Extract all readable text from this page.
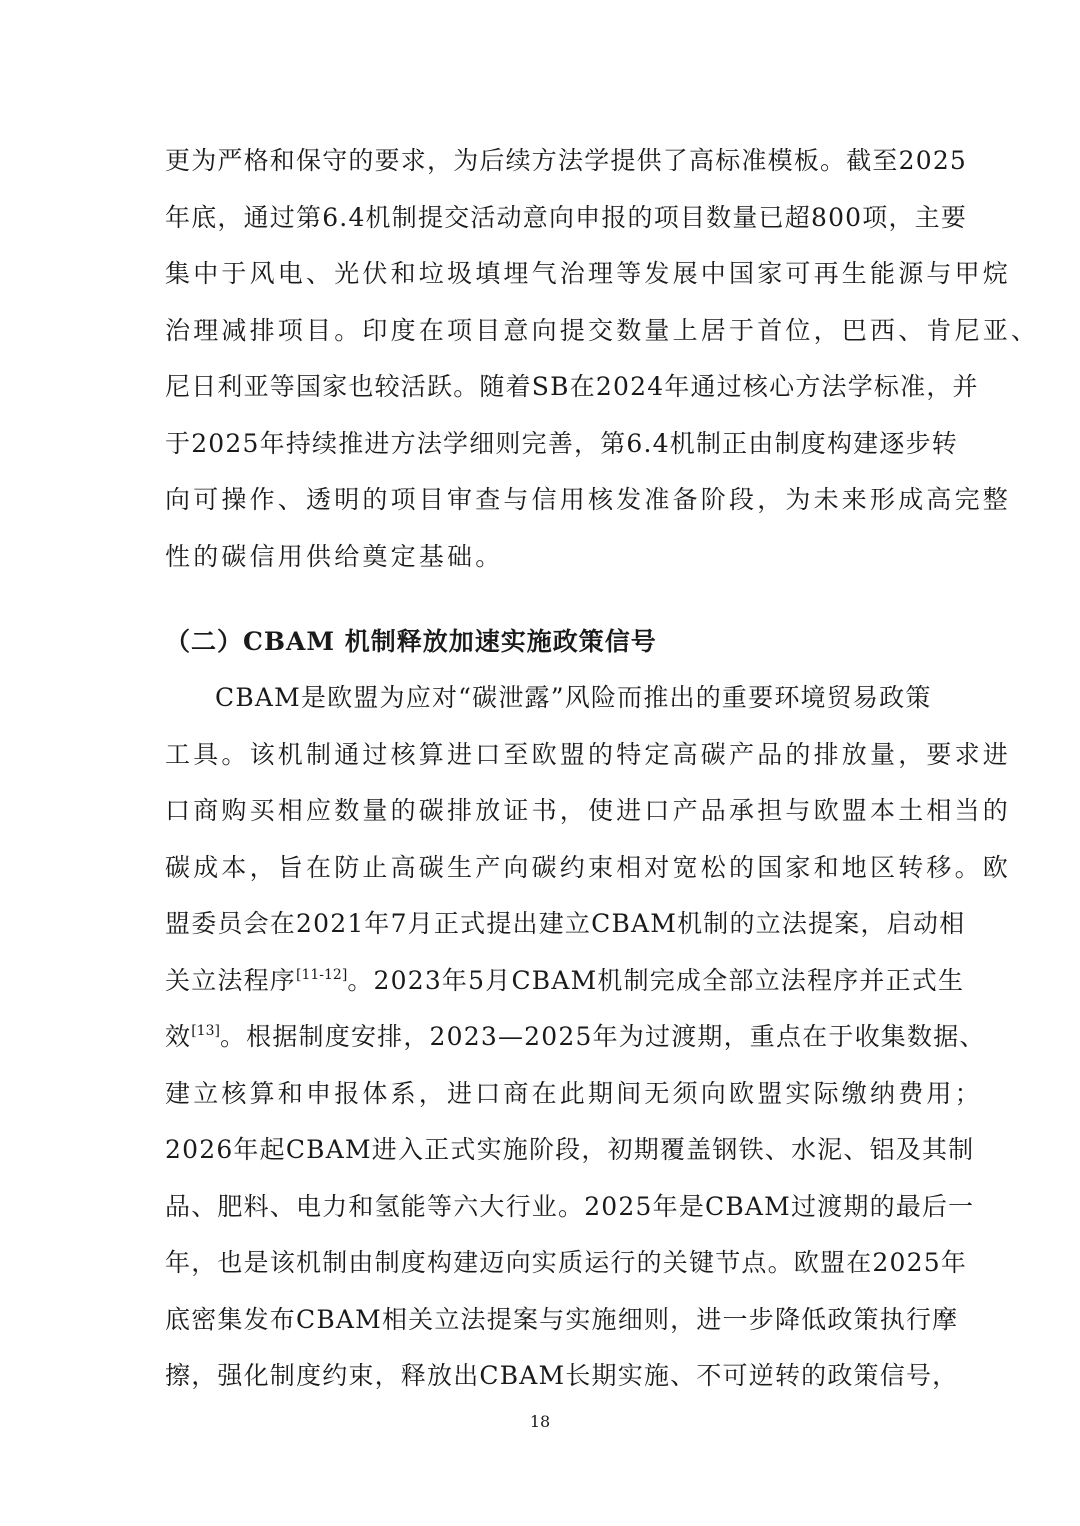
更为严格和保守的要求，为后续方法学提供了高标准模板。截至2025
年底，通过第6.4机制提交活动意向申报的项目数量已超800项，主要
集中于风电、光伏和垃圾填埋气治理等发展中国家可再生能源与甲烷
治理减排项目。印度在项目意向提交数量上居于首位，巴西、肯尼亚、
尼日利亚等国家也较活跃。随着SB在2024年通过核心方法学标准，并
于2025年持续推进方法学细则完善，第6.4机制正由制度构建逐步转
向可操作、透明的项目审查与信用核发准备阶段，为未来形成高完整
性的碳信用供给奠定基础。
（二）CBAM 机制释放加速实施政策信号
CBAM是欧盟为应对“碳泄露”风险而推出的重要环境贸易政策
工具。该机制通过核算进口至欧盟的特定高碳产品的排放量，要求进
口商购买相应数量的碳排放证书，使进口产品承担与欧盟本土相当的
碳成本，旨在防止高碳生产向碳约束相对宽松的国家和地区转移。欧
盟委员会在2021年7月正式提出建立CBAM机制的立法提案，启动相
关立法程序[11-12]。2023年5月CBAM机制完成全部立法程序并正式生
效[13]。根据制度安排，2023—2025年为过渡期，重点在于收集数据、
建立核算和申报体系，进口商在此期间无须向欧盟实际缴纳费用；
2026年起CBAM进入正式实施阶段，初期覆盖钢铁、水泥、铝及其制
品、肥料、电力和氢能等六大行业。2025年是CBAM过渡期的最后一
年，也是该机制由制度构建迈向实质运行的关键节点。欧盟在2025年
底密集发布CBAM相关立法提案与实施细则，进一步降低政策执行摩
擦，强化制度约束，释放出CBAM长期实施、不可逆转的政策信号，
18
